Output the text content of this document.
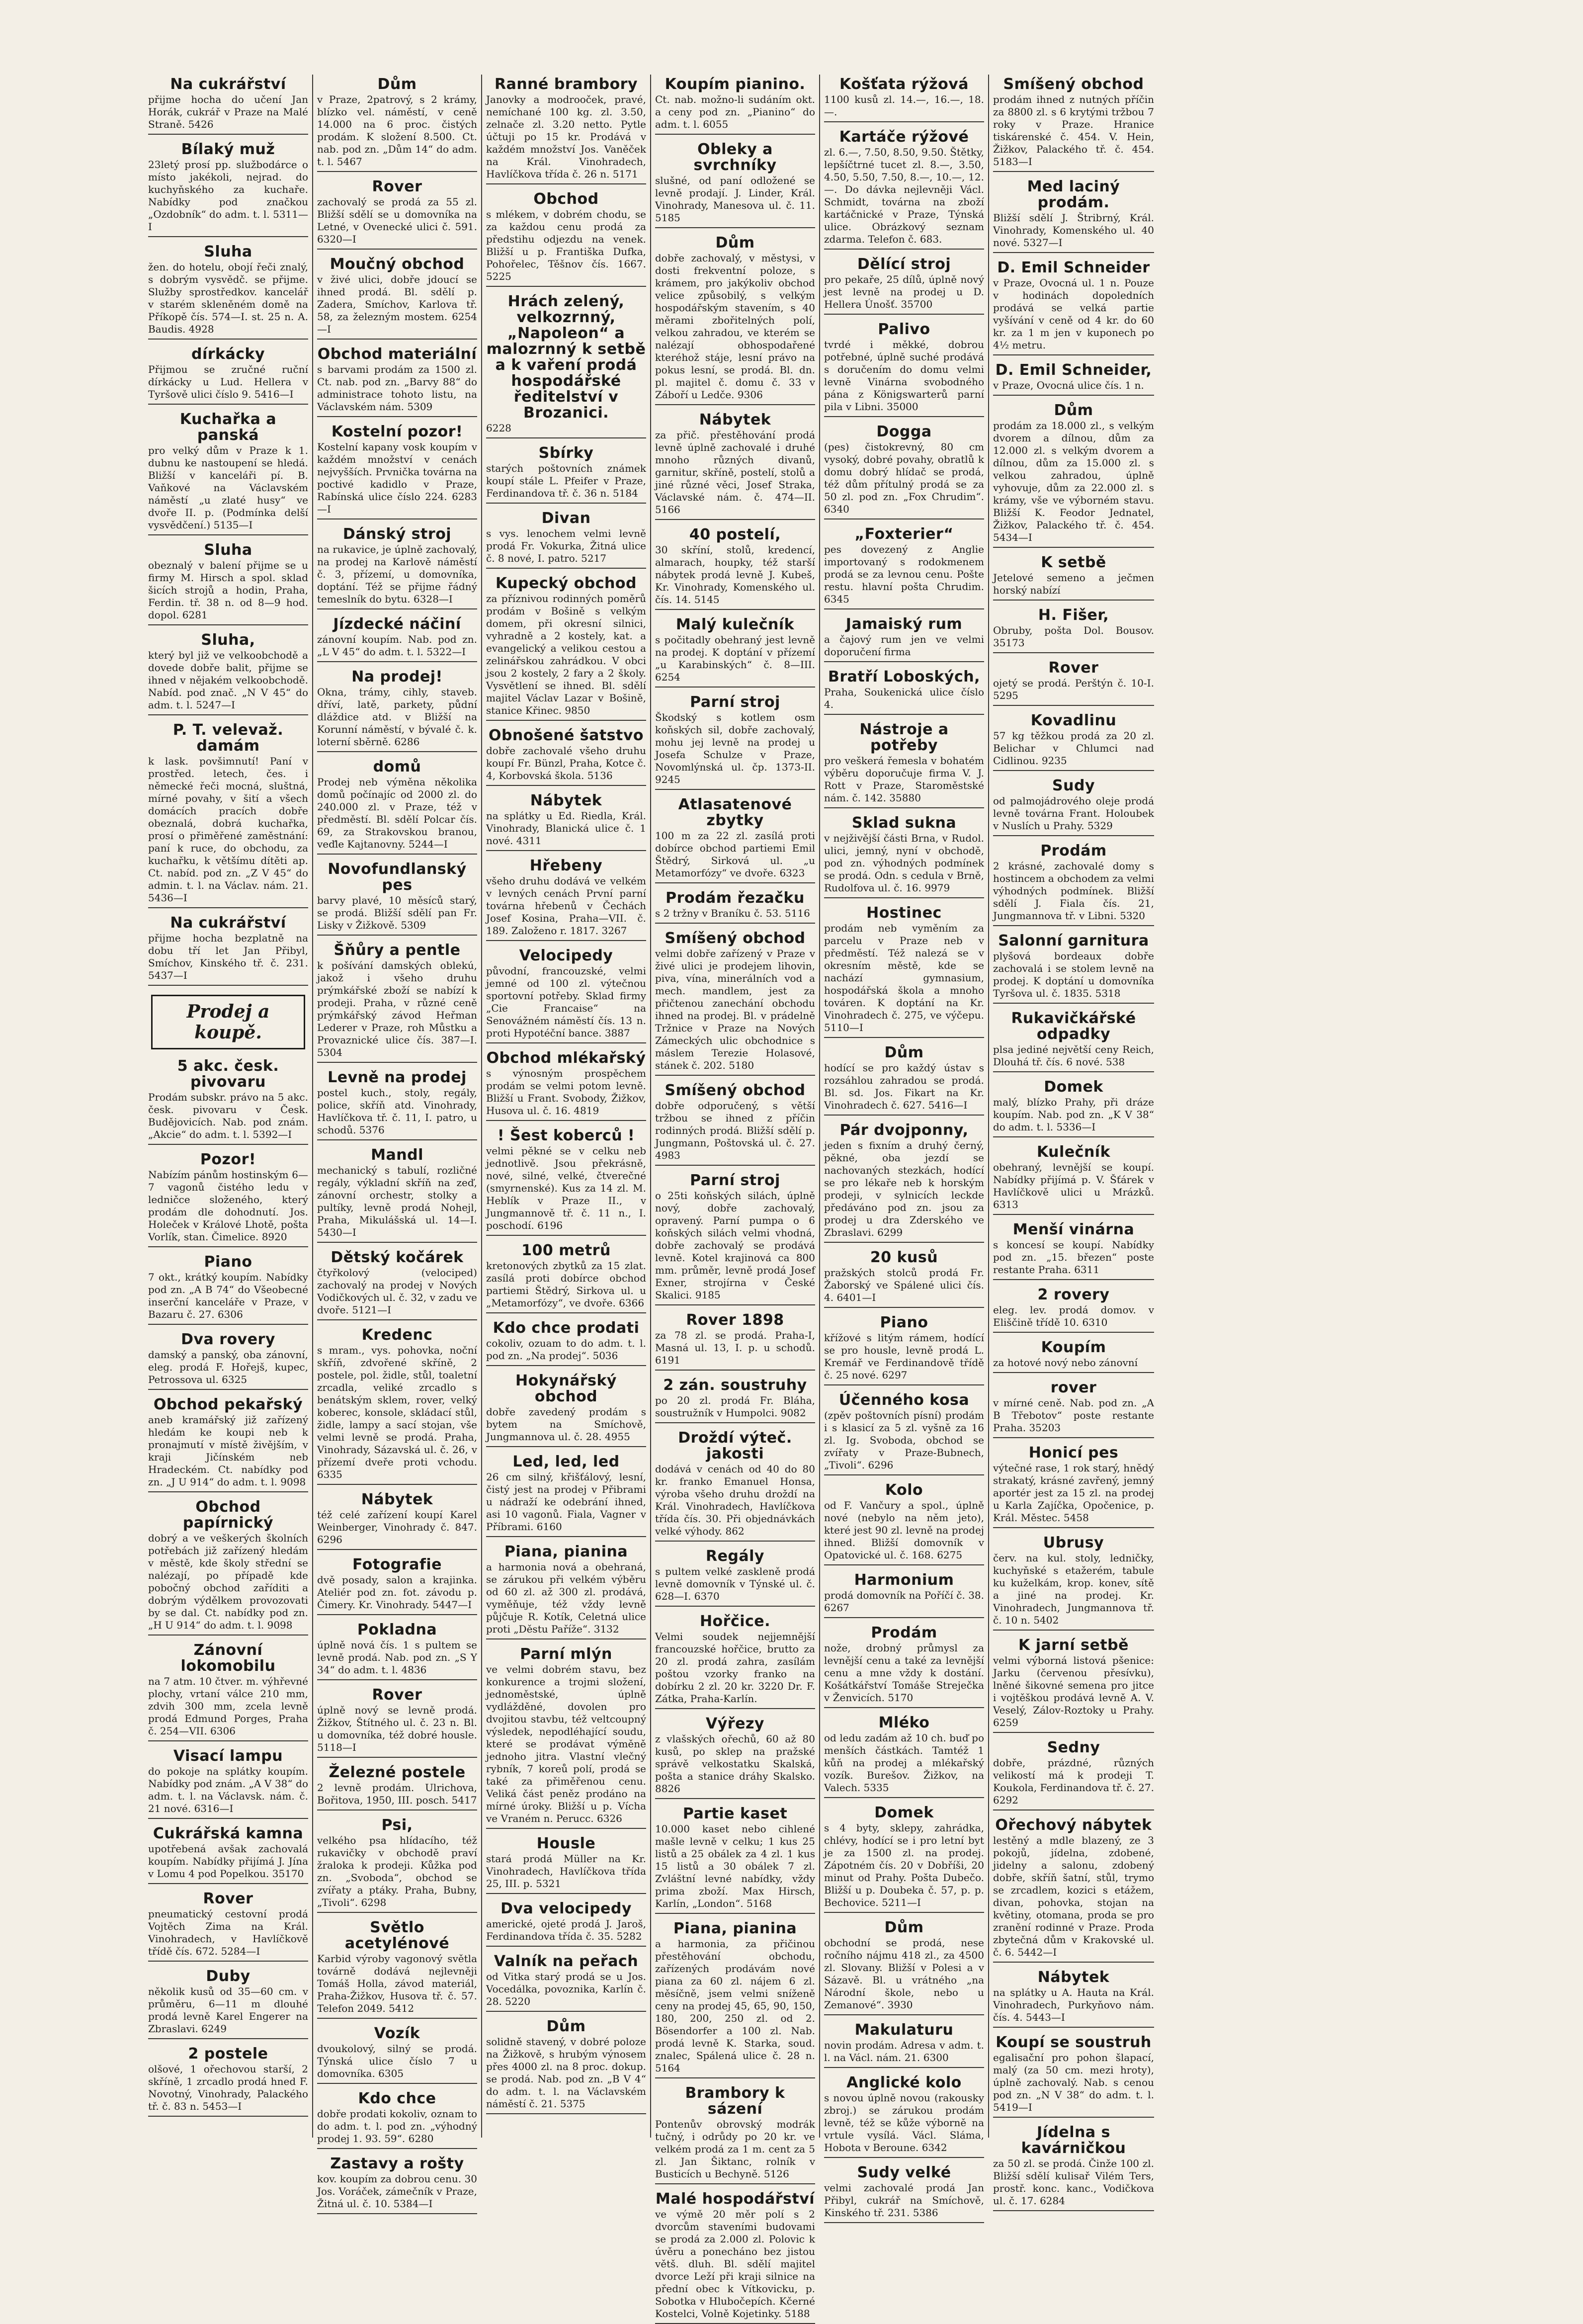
Na cukrářství

přijme hocha do učení Jan Horák, cukrář v Praze na Malé Straně. 5426

Bílaký muž

23letý prosí pp. službodárce o místo jakékoli, nejrad. do kuchyňského za kuchaře. Nabídky pod značkou „Ozdobník“ do adm. t. l. 5311—I

Sluha

žen. do hotelu, obojí řeči znalý, s dobrým vysvědč. se přijme. Služby sprostředkov. kancelář v starém skleněném domě na Příkopě čís. 574—I. st. 25 n. A. Baudis. 4928

dírkácky

Přijmou se zručné ruční dírkácky u Lud. Hellera v Tyršově ulici číslo 9. 5416—I

Kuchařka a panská

pro velký dům v Praze k 1. dubnu ke nastoupení se hledá. Bližší v kanceláři pí. B. Vaňkové na Václavském náměstí „u zlaté husy“ ve dvoře II. p. (Podmínka delší vysvědčení.) 5135—I

Sluha

obeznalý v balení přijme se u firmy M. Hirsch a spol. sklad šicích strojů a hodin, Praha, Ferdin. tř. 38 n. od 8—9 hod. dopol. 6281

Sluha,

který byl již ve velkoobchodě a dovede dobře balit, přijme se ihned v nějakém velkoobchodě. Nabíd. pod znač. „N V 45“ do adm. t. l. 5247—I

P. T. velevaž. damám

k lask. povšimnutí! Paní v prostřed. letech, čes. i německé řeči mocná, sluštná, mírné povahy, v šití a všech domácích pracích dobře obeznalá, dobrá kuchařka, prosí o přiměřené zaměstnání: paní k ruce, do obchodu, za kuchařku, k většímu dítěti ap. Ct. nabíd. pod zn. „Z V 45“ do admin. t. l. na Václav. nám. 21. 5436—I

Na cukrářství

přijme hocha bezplatně na dobu tří let Jan Přibyl, Smíchov, Kinského tř. č. 231. 5437—I

Prodej a koupě.
5 akc. česk. pivovaru

Prodám subskr. právo na 5 akc. česk. pivovaru v Česk. Budějovicích. Nab. pod znám. „Akcie“ do adm. t. l. 5392—I

Pozor!

Nabízím pánům hostinským 6—7 vagonů čistého ledu v ledničce složeného, který prodám dle dohodnutí. Jos. Holeček v Králové Lhotě, pošta Vorlík, stan. Čimelice. 8920

Piano

7 okt., krátký koupím. Nabídky pod zn. „A B 74“ do Všeobecné inserční kanceláře v Praze, v Bazaru č. 27. 6306

Dva rovery

damský a panský, oba zánovní, eleg. prodá F. Hořejš, kupec, Petrossova ul. 6325

Obchod pekařský

aneb kramářský již zařízený hledám ke koupi neb k pronajmutí v místě živějším, v kraji Jičínském neb Hradeckém. Ct. nabídky pod zn. „J U 914“ do adm. t. l. 9098

Obchod papírnický

dobrý a ve veškerých školních potřebách již zařízený hledám v městě, kde školy střední se nalézají, po případě kde pobočný obchod zaříditi a dobrým výdělkem provozovati by se dal. Ct. nabídky pod zn. „H U 914“ do adm. t. l. 9098

Zánovní lokomobilu

na 7 atm. 10 čtver. m. výhřevné plochy, vrtaní válce 210 mm, zdvih 300 mm, zcela levně prodá Edmund Porges, Praha č. 254—VII. 6306

Visací lampu

do pokoje na splátky koupím. Nabídky pod znám. „A V 38“ do adm. t. l. na Václavsk. nám. č. 21 nové. 6316—I

Cukrářská kamna

upotřebená avšak zachovalá koupím. Nabídky přijímá J. Jína v Lomu 4 pod Popelkou. 35170

Rover

pneumatický cestovní prodá Vojtěch Zima na Král. Vinohradech, v Havlíčkově třídě čís. 672. 5284—I

Duby

několik kusů od 35—60 cm. v průměru, 6—11 m dlouhé prodá levně Karel Engerer na Zbraslavi. 6249

2 postele

olšové, 1 ořechovou starší, 2 skříně, 1 zrcadlo prodá hned F. Novotný, Vinohrady, Palackého tř. č. 83 n. 5453—I

Dům

v Praze, 2patrový, s 2 krámy, blízko vel. náměstí, v ceně 14.000 na 6 proc. čistých prodám. K složení 8.500. Ct. nab. pod zn. „Dům 14“ do adm. t. l. 5467

Rover

zachovalý se prodá za 55 zl. Bližší sdělí se u domovníka na Letné, v Ovenecké ulici č. 591. 6320—I

Moučný obchod

v živé ulici, dobře jdoucí se ihned prodá. Bl. sdělí p. Zadera, Smíchov, Karlova tř. 58, za železným mostem. 6254—I

Obchod materiální

s barvami prodám za 1500 zl. Ct. nab. pod zn. „Barvy 88“ do administrace tohoto listu, na Václavském nám. 5309

Kostelní pozor!

Kostelní kapany vosk koupím v každém množství v cenách nejvyšších. Prvnička továrna na poctivé kadidlo v Praze, Rabínská ulice číslo 224. 6283—I

Dánský stroj

na rukavice, je úplně zachovalý, na prodej na Karlově náměstí č. 3, přízemí, u domovníka, doptání. Též se přijme řádný temeslník do bytu. 6328—I

Jízdecké náčiní

zánovní koupím. Nab. pod zn. „L V 45“ do adm. t. l. 5322—I

Na prodej!

Okna, trámy, cihly, staveb. dříví, latě, parkety, půdní dláždice atd. v Bližší na Korunní náměstí, v bývalé č. k. loterní sběrně. 6286

domů

Prodej neb výměna několika domů počínajíc od 2000 zl. do 240.000 zl. v Praze, též v předměstí. Bl. sdělí Polcar čís. 69, za Strakovskou branou, veďle Kajtanovny. 5244—I

Novofundlanský pes

barvy plavé, 10 měsíců starý, se prodá. Bližší sdělí pan Fr. Lisky v Žižkově. 5309

Šňůry a pentle

k pošívání damských oblekú, jakož i všeho druhu prýmkářské zboží se nabízí k prodeji. Praha, v různé ceně prýmkářský závod Heřman Lederer v Praze, roh Můstku a Provaznické ulice čís. 387—I. 5304

Levně na prodej

postel kuch., stoly, regály, police, skříň atd. Vinohrady, Havlíčkova tř. č. 11, I. patro, u schodů. 5376

Mandl

mechanický s tabulí, rozličné regály, výkladní skříň na zeď, zánovní orchestr, stolky a pultíky, levně prodá Nohejl, Praha, Mikulášská ul. 14—I. 5430—I

Dětský kočárek

čtyřkolový (velociped) zachovalý na prodej v Nových Vodičkových ul. č. 32, v zadu ve dvoře. 5121—I

Kredenc

s mram., vys. pohovka, noční skříň, zdvořené skříně, 2 postele, pol. židle, stůl, toaletní zrcadla, veliké zrcadlo s benátským sklem, rover, velký koberec, konsole, skládací stůl, židle, lampy a sací stojan, vše velmi levně se prodá. Praha, Vinohrady, Sázavská ul. č. 26, v přízemí dveře proti vchodu. 6335

Nábytek

též celé zařízení koupí Karel Weinberger, Vinohrady č. 847. 6296

Fotografie

dvě posady, salon a krajinka. Ateliér pod zn. fot. závodu p. Čimery. Kr. Vinohrady. 5447—I

Pokladna

úplně nová čís. 1 s pultem se levně prodá. Nab. pod zn. „S Y 34“ do adm. t. l. 4836

Rover

úplně nový se levně prodá. Žižkov, Štítného ul. č. 23 n. Bl. u domovníka, též dobré housle. 5118—I

Železné postele

2 levně prodám. Ulrichova, Bořitova, 1950, III. posch. 5417

Psi,

velkého psa hlídacího, též rukavičky v obchodě praví žraloka k prodeji. Kůžka pod zn. „Svoboda“, obchod se zvířaty a ptáky. Praha, Bubny, „Tivoli“. 6298

Světlo acetylénové

Karbid výroby vagonový světla továrně dodává nejlevněji Tomáš Holla, závod materiál, Praha-Žižkov, Husova tř. č. 57. Telefon 2049. 5412

Vozík

dvoukolový, silný se prodá. Týnská ulice číslo 7 u domovníka. 6305

Kdo chce

dobře prodati kokoliv, oznam to do adm. t. l. pod zn. „výhodný prodej 1. 93. 59“. 6280

Zastavy a rošty

kov. koupím za dobrou cenu. 30 Jos. Voráček, zámečník v Praze, Žitná ul. č. 10. 5384—I

Ranné brambory

Janovky a modrooček, pravé, nemíchané 100 kg. zl. 3.50, zelnače zl. 3.20 netto. Pytle účtuji po 15 kr. Prodává v každém množství Jos. Vaněček na Král. Vinohradech, Havlíčkova třída č. 26 n. 5171

Obchod

s mlékem, v dobrém chodu, se za každou cenu prodá za předstihu odjezdu na venek. Bližší u p. Františka Dufka, Pohořelec, Těšnov čís. 1667. 5225

Hrách zelený, velkozrnný, „Napoleon“ a malozrnný k setbě a k vaření prodá hospodářské ředitelství v Brozanici.

6228

Sbírky

starých poštovních známek koupí stále L. Pfeifer v Praze, Ferdinandova tř. č. 36 n. 5184

Divan

s vys. lenochem velmi levně prodá Fr. Vokurka, Žitná ulice č. 8 nové, I. patro. 5217

Kupecký obchod

za příznivou rodinných poměrů prodám v Bošině s velkým domem, při okresní silnici, vyhradně a 2 kostely, kat. a evangelický a velikou cestou a zelinářskou zahrádkou. V obci jsou 2 kostely, 2 fary a 2 školy. Vysvětlení se ihned. Bl. sdělí majitel Václav Lazar v Bošině, stanice Křinec. 9850

Obnošené šatstvo

dobře zachovalé všeho druhu koupí Fr. Bünzl, Praha, Kotce č. 4, Korbovská škola. 5136

Nábytek

na splátky u Ed. Riedla, Král. Vinohrady, Blanická ulice č. 1 nové. 4311

Hřebeny

všeho druhu dodává ve velkém v levných cenách První parní továrna hřebenů v Čechách Josef Kosina, Praha—VII. č. 189. Založeno r. 1817. 3267

Velocipedy

původní, francouzské, velmi jemné od 100 zl. výtečnou sportovní potřeby. Sklad firmy „Cie Francaise“ na Senovážném náměstí čís. 13 n. proti Hypotéční bance. 3887

Obchod mlékařský

s výnosným prospěchem prodám se velmi potom levně. Bližší u Frant. Svobody, Žižkov, Husova ul. č. 16. 4819

! Šest koberců !

velmi pěkné se v celku neb jednotlivě. Jsou překrásně, nové, silné, velké, čtverečné (smyrnenské). Kus za 14 zl. M. Heblík v Praze II., v Jungmannově tř. č. 11 n., I. poschodí. 6196

100 metrů

kretonových zbytků za 15 zlat. zasílá proti dobírce obchod partiemi Štědrý, Sirkova ul. u „Metamorfózy“, ve dvoře. 6366

Kdo chce prodati

cokoliv, ozuam to do adm. t. l. pod zn. „Na prodej“. 5036

Hokynářský obchod

dobře zavedený prodám s bytem na Smíchově, Jungmannova ul. č. 28. 4955

Led, led, led

26 cm silný, křišťálový, lesní, čistý jest na prodej v Přibrami u nádraží ke odebrání ihned, asi 10 vagonů. Fiala, Vagner v Příbrami. 6160

Piana, pianina

a harmonia nová a obehraná, se zárukou při velkém výběru od 60 zl. až 300 zl. prodává, vyměňuje, též vždy levně půjčuje R. Kotík, Celetná ulice proti „Děstu Paříže“. 3132

Parní mlýn

ve velmi dobrém stavu, bez konkurence a trojmi složení, jednoměstské, úplně vydlážděné, dovolen pro dvojitou stavbu, též veltcoupný výsledek, nepodléhající soudu, které se prodávat výměně jednoho jitra. Vlastní vlečný rybník, 7 koreů polí, prodá se také za přiměřenou cenu. Veliká část peněz prodáno na mírné úroky. Bližší u p. Vícha ve Vraném n. Perucc. 6326

Housle

stará prodá Müller na Kr. Vinohradech, Havlíčkova třída 25, III. p. 5321

Dva velocipedy

americké, ojeté prodá J. Jaroš, Ferdinandova třída č. 35. 5282

Valník na peřach

od Vitka starý prodá se u Jos. Vocedálka, povoznika, Karlín č. 28. 5220

Dům

solidně stavený, v dobré poloze na Žižkově, s hrubým výnosem přes 4000 zl. na 8 proc. dokup. se prodá. Nab. pod zn. „B V 4“ do adm. t. l. na Václavském náměstí č. 21. 5375

Koupím pianino.

Ct. nab. možno-li sudáním okt. a ceny pod zn. „Pianino“ do adm. t. l. 6055

Obleky a svrchníky

slušné, od paní odložené se levně prodají. J. Linder, Král. Vinohrady, Manesova ul. č. 11. 5185

Dům

dobře zachovalý, v městysi, v dosti frekventní poloze, s krámem, pro jakýkoliv obchod velice způsobilý, s velkým hospodářským stavením, s 40 měrami zbořitelných polí, velkou zahradou, ve kterém se nalézají obhospodařené kteréhož stáje, lesní právo na pokus lesní, se prodá. Bl. dn. pl. majitel č. domu č. 33 v Záboří u Ledče. 9306

Nábytek

za přič. přestěhování prodá levně úplně zachovalé i druhé mnoho různých divanů, garnitur, skříně, postelí, stolů a jiné různé věci, Josef Straka, Václavské nám. č. 474—II. 5166

40 postelí,

30 skříní, stolů, kredencí, almarach, houpky, též starší nábytek prodá levně J. Kubeš, Kr. Vinohrady, Komenského ul. čís. 14. 5145

Malý kulečník

s počitadly obehraný jest levně na prodej. K doptání v přízemí „u Karabinských“ č. 8—III. 6254

Parní stroj

Škodský s kotlem osm koňských sil, dobře zachovalý, mohu jej levně na prodej u Josefa Schulze v Praze, Novomlýnská ul. čp. 1373-II. 9245

Atlasatenové zbytky

100 m za 22 zl. zasílá proti dobírce obchod partiemi Emil Štědrý, Sirková ul. „u Metamorfózy“ ve dvoře. 6323

Prodám řezačku

s 2 tržny v Braníku č. 53. 5116

Smíšený obchod

velmi dobře zařízený v Praze v živé ulici je prodejem lihovin, piva, vína, minerálních vod a mech. mandlem, jest za přičtenou zanechání obchodu ihned na prodej. Bl. v prádelně Tržnice v Praze na Nových Zámeckých ulic obchodnice s máslem Terezie Holasové, stánek č. 202. 5180

Smíšený obchod

dobře odporučený, s větší tržbou se ihned z příčin rodinných prodá. Bližší sdělí p. Jungmann, Poštovská ul. č. 27. 4983

Parní stroj

o 25ti koňských silách, úplně nový, dobře zachovalý, opravený. Parní pumpa o 6 koňských silách velmi vhodná, dobře zachovalý se prodává levně. Kotel krajinová ca 800 mm. průměr, levně prodá Josef Exner, strojírna v České Skalici. 9185

Rover 1898

za 78 zl. se prodá. Praha-I, Masná ul. 13, I. p. u schodů. 6191

2 zán. soustruhy

po 20 zl. prodá Fr. Bláha, soustružník v Humpolci. 9082

Droždí výteč. jakosti

dodává v cenách od 40 do 80 kr. franko Emanuel Honsa, výroba všeho druhu droždí na Král. Vinohradech, Havlíčkova třída čís. 30. Při objednávkách velké výhody. 862

Regály

s pultem velké zaskleně prodá levně domovník v Týnské ul. č. 628—I. 6370

Hořčice.

Velmi soudek nejjemnější francouzské hořčice, brutto za 20 zl. prodá zahra, zasílám poštou vzorky franko na dobírku 2 zl. 20 kr. 3220 Dr. F. Zátka, Praha-Karlín.

Výřezy

z vlašských ořechů, 60 až 80 kusů, po sklep na pražské správě velkostatku Skalská, pošta a stanice dráhy Skalsko. 8826

Partie kaset

10.000 kaset nebo cihlené mašle levně v celku; 1 kus 25 listů a 25 obálek za 4 zl. 1 kus 15 listů a 30 obálek 7 zl. Zvláštní levné nabídky, vždy prima zboží. Max Hirsch, Karlín, „London“. 5168

Piana, pianina

a harmonia, za přičinou přestěhování obchodu, zařízených prodávám nové piana za 60 zl. nájem 6 zl. měsíčně, jsem velmi sníženě ceny na prodej 45, 65, 90, 150, 180, 200, 250 zl. od 2. Bösendorfer a 100 zl. Nab. prodá levně K. Starka, soud. znalec, Spálená ulice č. 28 n. 5164

Brambory k sázení

Pontenův obrovský modrák tučný, i odrůdy po 20 kr. ve velkém prodá za 1 m. cent za 5 zl. Jan Šiktanc, rolník v Busticích u Bechyně. 5126

Malé hospodářství

ve výmě 20 měr polí s 2 dvorcům staveními budovami se prodá za 2.000 zl. Polovic k úvěru a ponecháno bez jistou větš. dluh. Bl. sdělí majitel dvorce Leží při kraji silnice na přední obec k Vítkovicku, p. Sobotka v Hlubočepích. Kčerné Kostelci, Volně Kojetinky. 5188

Košťata rýžová

1100 kusů zl. 14.—, 16.—, 18.—.

Kartáče rýžové

zl. 6.—, 7.50, 8.50, 9.50. Štětky, lepšíčtrné tucet zl. 8.—, 3.50, 4.50, 5.50, 7.50, 8.—, 10.—, 12.—. Do dávka nejlevněji Václ. Schmidt, továrna na zboží kartáčnické v Praze, Týnská ulice. Obrázkový seznam zdarma. Telefon č. 683.

Dělící stroj

pro pekaře, 25 dílů, úplně nový jest levně na prodej u D. Hellera Únošť. 35700

Palivo

tvrdé i měkké, dobrou potřebné, úplně suché prodává s doručením do domu velmi levně Vinárna svobodného pána z Königswarterů parní pila v Libni. 35000

Dogga

(pes) čistokrevný, 80 cm vysoký, dobré povahy, obratlů k domu dobrý hlídač se prodá, též dům přítulný prodá se za 50 zl. pod zn. „Fox Chrudim“. 6340

„Foxterier“

pes dovezený z Anglie importovaný s rodokmenem prodá se za levnou cenu. Pošte restu. hlavní pošta Chrudim. 6345

Jamaiský rum

a čajový rum jen ve velmi doporučení firma

Bratří Loboských,

Praha, Soukenická ulice číslo 4.

Nástroje a potřeby

pro veškerá řemesla v bohatém výběru doporučuje firma V. J. Rott v Praze, Staroměstské nám. č. 142. 35880

Sklad sukna

v nejživější části Brna, v Rudol. ulici, jemný, nyní v obchodě, pod zn. výhodných podmínek se prodá. Odn. s cedula v Brně, Rudolfova ul. č. 16. 9979

Hostinec

prodám neb vyměním za parcelu v Praze neb v předměstí. Též nalezá se v okresním městě, kde se nachází gymnasium, hospodářská škola a mnoho továren. K doptání na Kr. Vinohradech č. 275, ve výčepu. 5110—I

Dům

hodící se pro každý ústav s rozsáhlou zahradou se prodá. Bl. sd. Jos. Fikart na Kr. Vinohradech č. 627. 5416—I

Pár dvojponny,

jeden s fixním a druhý černý, pěkné, oba jezdí se nachovaných stezkách, hodící se pro lékaře neb k horským prodeji, v sylnicích leckde předáváno pod zn. jsou za prodej u dra Zderského ve Zbraslavi. 6299

20 kusů

pražských stolců prodá Fr. Žaborský ve Spálené ulici čís. 4. 6401—I

Piano

křížové s litým rámem, hodící se pro housle, levně prodá L. Kremář ve Ferdinandově třídě č. 25 nové. 6297

Účenného kosa

(zpěv poštovních písní) prodám i s klasicí za 5 zl. vyšně za 16 zl. Ig. Svoboda, obchod se zvířaty v Praze-Bubnech, „Tivoli“. 6296

Kolo

od F. Vančury a spol., úplně nové (nebylo na něm jeto), které jest 90 zl. levně na prodej ihned. Bližší domovník v Opatovické ul. č. 168. 6275

Harmonium

prodá domovník na Poříčí č. 38. 6267

Prodám

nože, drobný průmysl za levnější cenu a také za levnější cenu a mne vždy k dostání. Košátkářství Tomáše Streječka v Ženvicích. 5170

Mléko

od ledu zadám až 10 ch. buď po menších částkách. Tamtéž 1 kůň na prodej a mlékařský vozík. Burešov. Žižkov, na Valech. 5335

Domek

s 4 byty, sklepy, zahrádka, chlévy, hodící se i pro letní byt je za 1500 zl. na prodej. Zápotném čís. 20 v Dobříši, 20 minut od Prahy. Pošta Dubečo. Bližší u p. Doubeka č. 57, p. p. Bechovice. 5211—I

Dům

obchodní se prodá, nese ročního nájmu 418 zl., za 4500 zl. Slovany. Bližší v Polesi a v Sázavě. Bl. u vrátného „na Národní škole, nebo u Zemanové“. 3930

Makulaturu

novin prodám. Adresa v adm. t. l. na Václ. nám. 21. 6300

Anglické kolo

s novou úplně novou (rakousky zbroj.) se zárukou prodám levně, též se kůže výborně na vrtule vysílá. Václ. Sláma, Hobota v Beroune. 6342

Sudy velké

velmi zachovalé prodá Jan Přibyl, cukrář na Smíchově, Kinského tř. 231. 5386

Smíšený obchod

prodám ihned z nutných příčin za 8800 zl. s 6 krytými tržbou 7 roky v Praze. Hranice tiskárenské č. 454. V. Hein, Žižkov, Palackého tř. č. 454. 5183—I

Med laciný prodám.

Bližší sdělí J. Štribrný, Král. Vinohrady, Komenského ul. 40 nové. 5327—I

D. Emil Schneider

v Praze, Ovocná ul. 1 n. Pouze v hodinách dopoledních prodává se velká partie vyšívání v ceně od 4 kr. do 60 kr. za 1 m jen v kuponech po 4½ metru.

D. Emil Schneider,

v Praze, Ovocná ulice čís. 1 n.

Dům

prodám za 18.000 zl., s velkým dvorem a dílnou, dům za 12.000 zl. s velkým dvorem a dílnou, dům za 15.000 zl. s velkou zahradou, úplně vyhovuje, dům za 22.000 zl. s krámy, vše ve výborném stavu. Bližší K. Feodor Jednatel, Žižkov, Palackého tř. č. 454. 5434—I

K setbě

Jetelové semeno a ječmen horský nabízí

H. Fišer,

Obruby, pošta Dol. Bousov. 35173

Rover

ojetý se prodá. Perštýn č. 10-I. 5295

Kovadlinu

57 kg těžkou prodá za 20 zl. Belichar v Chlumci nad Cidlinou. 9235

Sudy

od palmojádrového oleje prodá levně továrna Frant. Holoubek v Nuslích u Prahy. 5329

Prodám

2 krásné, zachovalé domy s hostincem a obchodem za velmi výhodných podmínek. Bližší sdělí J. Fiala čís. 21, Jungmannova tř. v Libni. 5320

Salonní garnitura

plyšová bordeaux dobře zachovalá i se stolem levně na prodej. K doptání u domovníka Tyršova ul. č. 1835. 5318

Rukavičkářské odpadky

plsa jediné největší ceny Reich, Dlouhá tř. čís. 6 nové. 538

Domek

malý, blízko Prahy, při dráze koupím. Nab. pod zn. „K V 38“ do adm. t. l. 5336—I

Kulečník

obehraný, levnější se koupí. Nabídky přijímá p. V. Šťárek v Havlíčkově ulici u Mrázků. 6313

Menší vinárna

s koncesí se koupí. Nabídky pod zn. „15. březen“ poste restante Praha. 6311

2 rovery

eleg. lev. prodá domov. v Eliščině třídě 10. 6310

Koupím

za hotové nový nebo zánovní

rover

v mírné ceně. Nab. pod zn. „A B Třebotov“ poste restante Praha. 35203

Honicí pes

výtečné rase, 1 rok starý, hnědý strakatý, krásné zavřený, jemný aportér jest za 15 zl. na prodej u Karla Zajíčka, Opočenice, p. Král. Městec. 5458

Ubrusy

červ. na kul. stoly, ledničky, kuchyňské s etažerém, tabule ku kuželkám, krop. konev, sítě a jiné na prodej. Kr. Vinohradech, Jungmannova tř. č. 10 n. 5402

K jarní setbě

velmi výborná listová pšenice: Jarku (červenou přesívku), lněné šikovné semena pro jitce i vojtěškou prodává levně A. V. Veselý, Zálov-Roztoky u Prahy. 6259

Sedny

dobře, prázdné, různých velikostí má k prodeji T. Koukola, Ferdinandova tř. č. 27. 6292

Ořechový nábytek

lestěný a mdle blazený, ze 3 pokojů, jídelna, zdobené, jidelny a salonu, zdobený dobře, skříň šatní, stůl, trymo se zrcadlem, kozici s etážem, divan, pohovka, stojan na květiny, otomana, proda se pro zranění rodinné v Praze. Proda zbytečná dům v Krakovské ul. č. 6. 5442—I

Nábytek

na splátky u A. Hauta na Král. Vinohradech, Purkyňovo nám. čís. 4. 5443—I

Koupí se soustruh

egalisační pro pohon šlapací, malý (za 50 cm. mezi hroty), úplně zachovalý. Nab. s cenou pod zn. „N V 38“ do adm. t. l. 5419—I

Jídelna s kavárničkou

za 50 zl. se prodá. Činže 100 zl. Bližší sdělí kulisař Vilém Ters, prostř. konc. kanc., Vodičkova ul. č. 17. 6284
